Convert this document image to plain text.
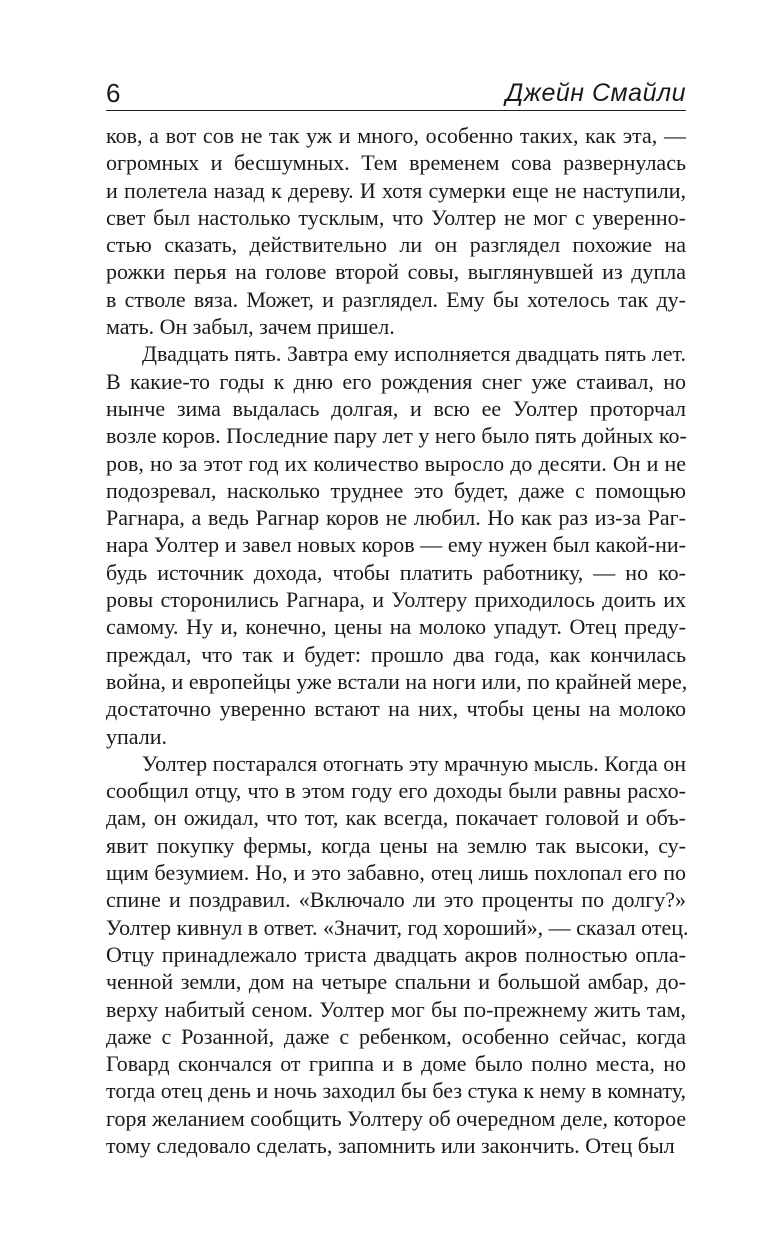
6	Джейн Смайли
ков, а вот сов не так уж и много, особенно таких, как эта, —
огромных и бесшумных. Тем временем сова развернулась
и полетела назад к дереву. И хотя сумерки еще не наступили,
свет был настолько тусклым, что Уолтер не мог с уверенно-
стью сказать, действительно ли он разглядел похожие на
рожки перья на голове второй совы, выглянувшей из дупла
в стволе вяза. Может, и разглядел. Ему бы хотелось так ду-
мать. Он забыл, зачем пришел.
Двадцать пять. Завтра ему исполняется двадцать пять лет.
В какие-то годы к дню его рождения снег уже стаивал, но
нынче зима выдалась долгая, и всю ее Уолтер проторчал
возле коров. Последние пару лет у него было пять дойных ко-
ров, но за этот год их количество выросло до десяти. Он и не
подозревал, насколько труднее это будет, даже с помощью
Рагнара, а ведь Рагнар коров не любил. Но как раз из-за Раг-
нара Уолтер и завел новых коров — ему нужен был какой-ни-
будь источник дохода, чтобы платить работнику, — но ко-
ровы сторонились Рагнара, и Уолтеру приходилось доить их
самому. Ну и, конечно, цены на молоко упадут. Отец преду-
преждал, что так и будет: прошло два года, как кончилась
война, и европейцы уже встали на ноги или, по крайней мере,
достаточно уверенно встают на них, чтобы цены на молоко
упали.
Уолтер постарался отогнать эту мрачную мысль. Когда он
сообщил отцу, что в этом году его доходы были равны расхо-
дам, он ожидал, что тот, как всегда, покачает головой и объ-
явит покупку фермы, когда цены на землю так высоки, су-
щим безумием. Но, и это забавно, отец лишь похлопал его по
спине и поздравил. «Включало ли это проценты по долгу?»
Уолтер кивнул в ответ. «Значит, год хороший», — сказал отец.
Отцу принадлежало триста двадцать акров полностью опла-
ченной земли, дом на четыре спальни и большой амбар, до-
верху набитый сеном. Уолтер мог бы по-прежнему жить там,
даже с Розанной, даже с ребенком, особенно сейчас, когда
Говард скончался от гриппа и в доме было полно места, но
тогда отец день и ночь заходил бы без стука к нему в комнату,
горя желанием сообщить Уолтеру об очередном деле, которое
тому следовало сделать, запомнить или закончить. Отец был
